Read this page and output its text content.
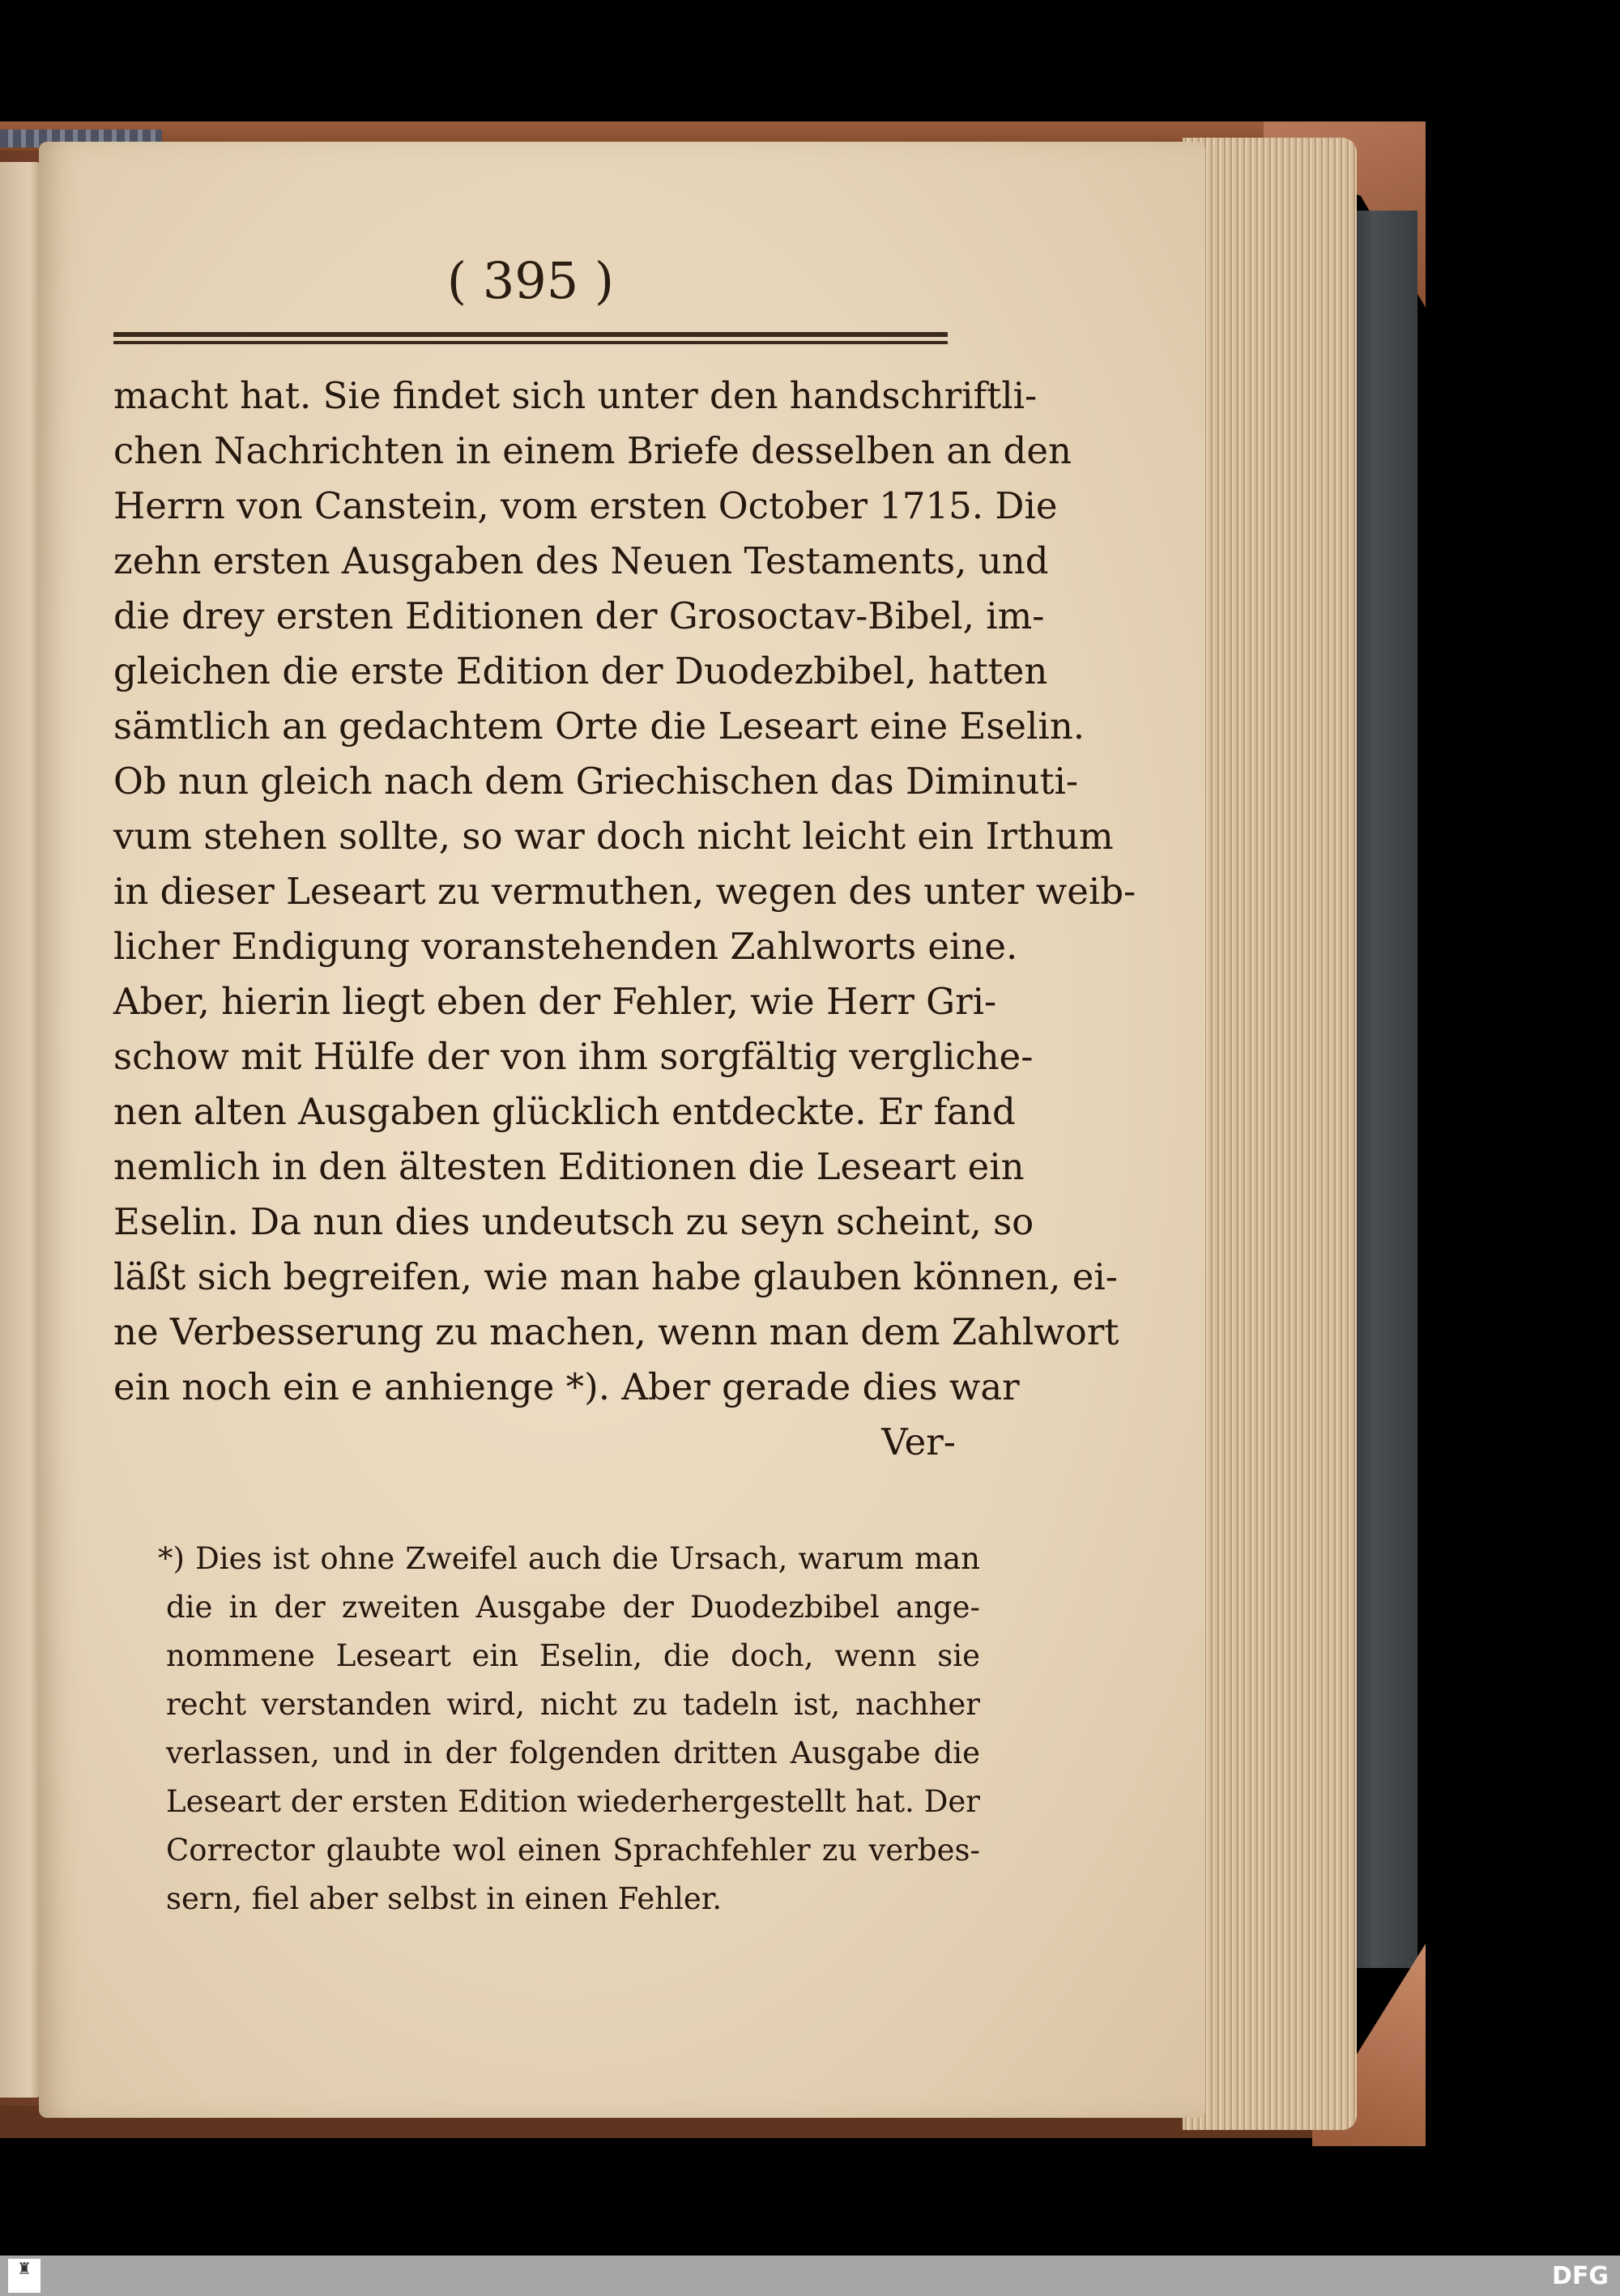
( 395 )
macht hat. Sie findet sich unter den handschriftli-
chen Nachrichten in einem Briefe desselben an den
Herrn von Canstein, vom ersten October 1715. Die
zehn ersten Ausgaben des Neuen Testaments, und
die drey ersten Editionen der Grosoctav-Bibel, im-
gleichen die erste Edition der Duodezbibel, hatten
sämtlich an gedachtem Orte die Leseart eine Eselin.
Ob nun gleich nach dem Griechischen das Diminuti-
vum stehen sollte, so war doch nicht leicht ein Irthum
in dieser Leseart zu vermuthen, wegen des unter weib-
licher Endigung voranstehenden Zahlworts eine.
Aber, hierin liegt eben der Fehler, wie Herr Gri-
schow mit Hülfe der von ihm sorgfältig vergliche-
nen alten Ausgaben glücklich entdeckte. Er fand
nemlich in den ältesten Editionen die Leseart ein
Eselin. Da nun dies undeutsch zu seyn scheint, so
läßt sich begreifen, wie man habe glauben können, ei-
ne Verbesserung zu machen, wenn man dem Zahlwort
ein noch ein e anhienge *). Aber gerade dies war
Ver-
*) Dies ist ohne Zweifel auch die Ursach, warum man
die in der zweiten Ausgabe der Duodezbibel ange-
nommene Leseart ein Eselin, die doch, wenn sie
recht verstanden wird, nicht zu tadeln ist, nachher
verlassen, und in der folgenden dritten Ausgabe die
Leseart der ersten Edition wiederhergestellt hat. Der
Corrector glaubte wol einen Sprachfehler zu verbes-
sern, fiel aber selbst in einen Fehler.
♜	DFG
